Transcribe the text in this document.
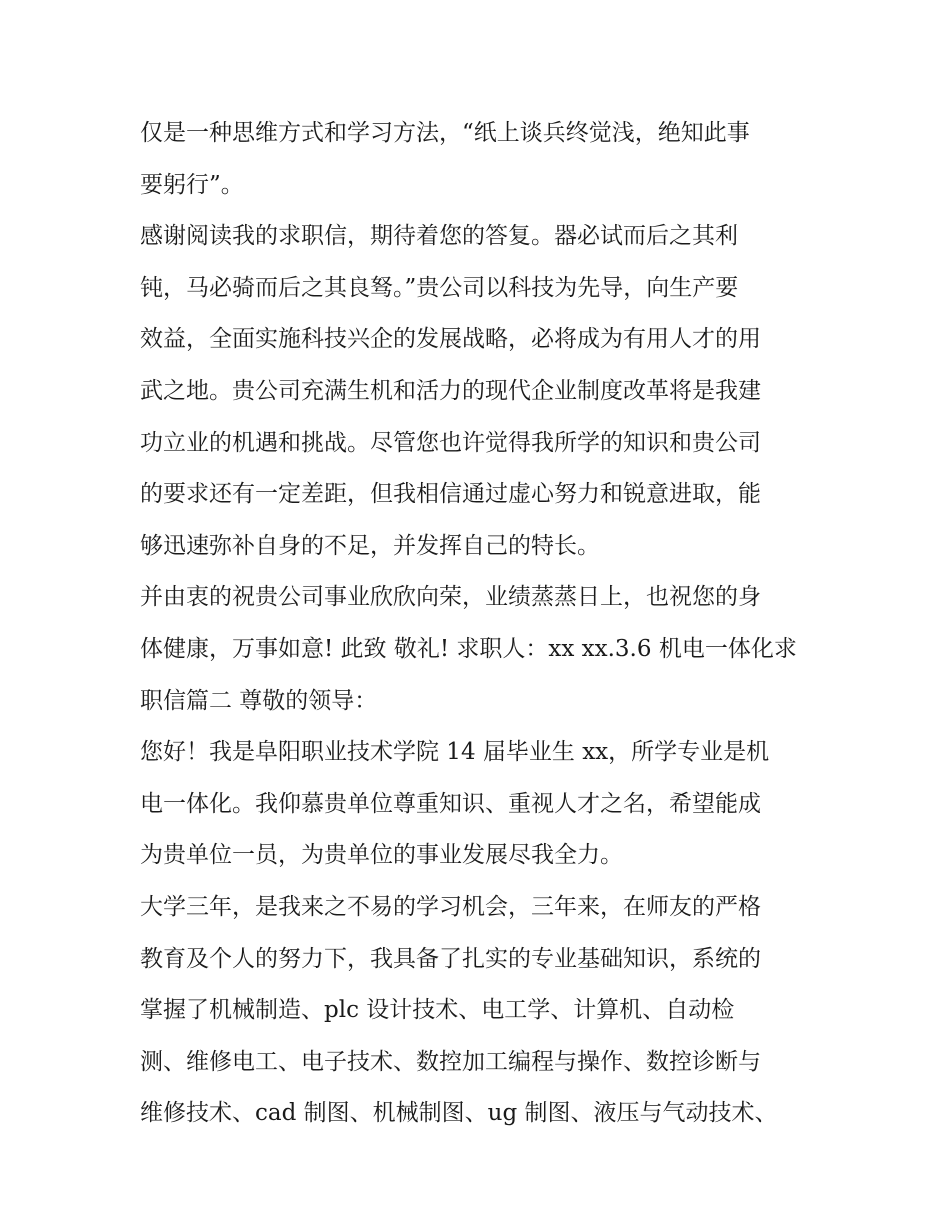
仅是一种思维方式和学习方法，“纸上谈兵终觉浅，绝知此事
要躬行”。
感谢阅读我的求职信，期待着您的答复。器必试而后之其利
钝，马必骑而后之其良驽。”贵公司以科技为先导，向生产要
效益，全面实施科技兴企的发展战略，必将成为有用人才的用
武之地。贵公司充满生机和活力的现代企业制度改革将是我建
功立业的机遇和挑战。尽管您也许觉得我所学的知识和贵公司
的要求还有一定差距，但我相信通过虚心努力和锐意进取，能
够迅速弥补自身的不足，并发挥自己的特长。
并由衷的祝贵公司事业欣欣向荣，业绩蒸蒸日上，也祝您的身
体健康，万事如意! 此致 敬礼! 求职人：xx xx.3.6 机电一体化求
职信篇二 尊敬的领导：
您好！我是阜阳职业技术学院 14 届毕业生 xx，所学专业是机
电一体化。我仰慕贵单位尊重知识、重视人才之名，希望能成
为贵单位一员，为贵单位的事业发展尽我全力。
大学三年，是我来之不易的学习机会，三年来，在师友的严格
教育及个人的努力下，我具备了扎实的专业基础知识，系统的
掌握了机械制造、plc 设计技术、电工学、计算机、自动检
测、维修电工、电子技术、数控加工编程与操作、数控诊断与
维修技术、cad 制图、机械制图、ug 制图、液压与气动技术、
